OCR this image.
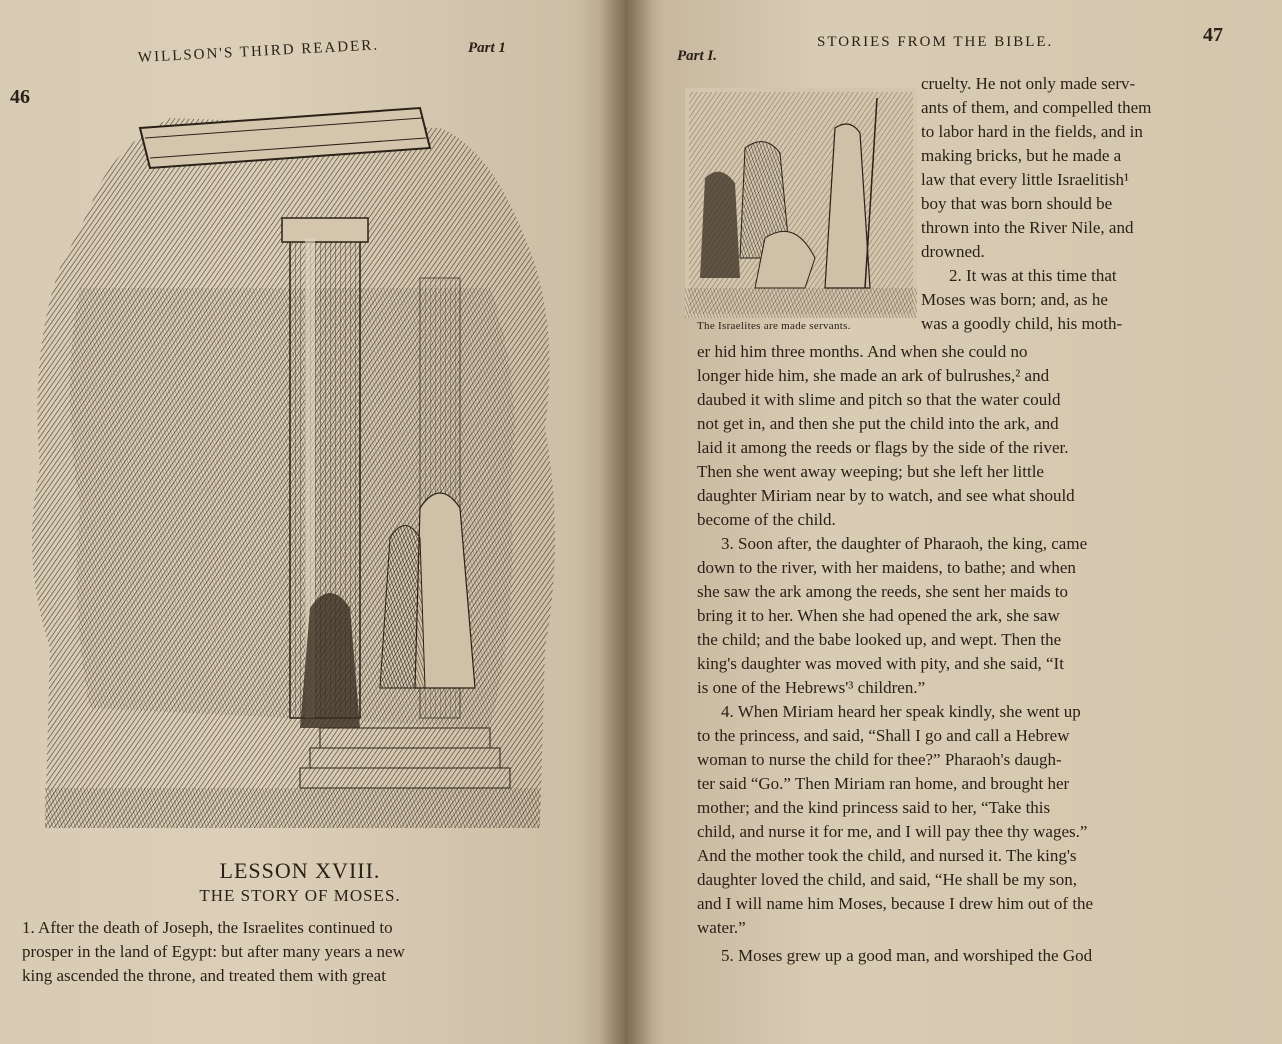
46
WILLSON'S THIRD READER.	Part 1
LESSON XVIII.
THE STORY OF MOSES.
1. After the death of Joseph, the Israelites continued to
prosper in the land of Egypt: but after many years a new
king ascended the throne, and treated them with great
Part I.
STORIES FROM THE BIBLE.	47
The Israelites are made servants.
cruelty. He not only made serv-
ants of them, and compelled them
to labor hard in the fields, and in
making bricks, but he made a
law that every little Israelitish¹
boy that was born should be
thrown into the River Nile, and
drowned.
2. It was at this time that
Moses was born; and, as he
was a goodly child, his moth-
er hid him three months. And when she could no
longer hide him, she made an ark of bulrushes,² and
daubed it with slime and pitch so that the water could
not get in, and then she put the child into the ark, and
laid it among the reeds or flags by the side of the river.
Then she went away weeping; but she left her little
daughter Miriam near by to watch, and see what should
become of the child.
3. Soon after, the daughter of Pharaoh, the king, came
down to the river, with her maidens, to bathe; and when
she saw the ark among the reeds, she sent her maids to
bring it to her. When she had opened the ark, she saw
the child; and the babe looked up, and wept. Then the
king's daughter was moved with pity, and she said, “It
is one of the Hebrews'³ children.”
4. When Miriam heard her speak kindly, she went up
to the princess, and said, “Shall I go and call a Hebrew
woman to nurse the child for thee?” Pharaoh's daugh-
ter said “Go.” Then Miriam ran home, and brought her
mother; and the kind princess said to her, “Take this
child, and nurse it for me, and I will pay thee thy wages.”
And the mother took the child, and nursed it. The king's
daughter loved the child, and said, “He shall be my son,
and I will name him Moses, because I drew him out of the
water.”
5. Moses grew up a good man, and worshiped the God
